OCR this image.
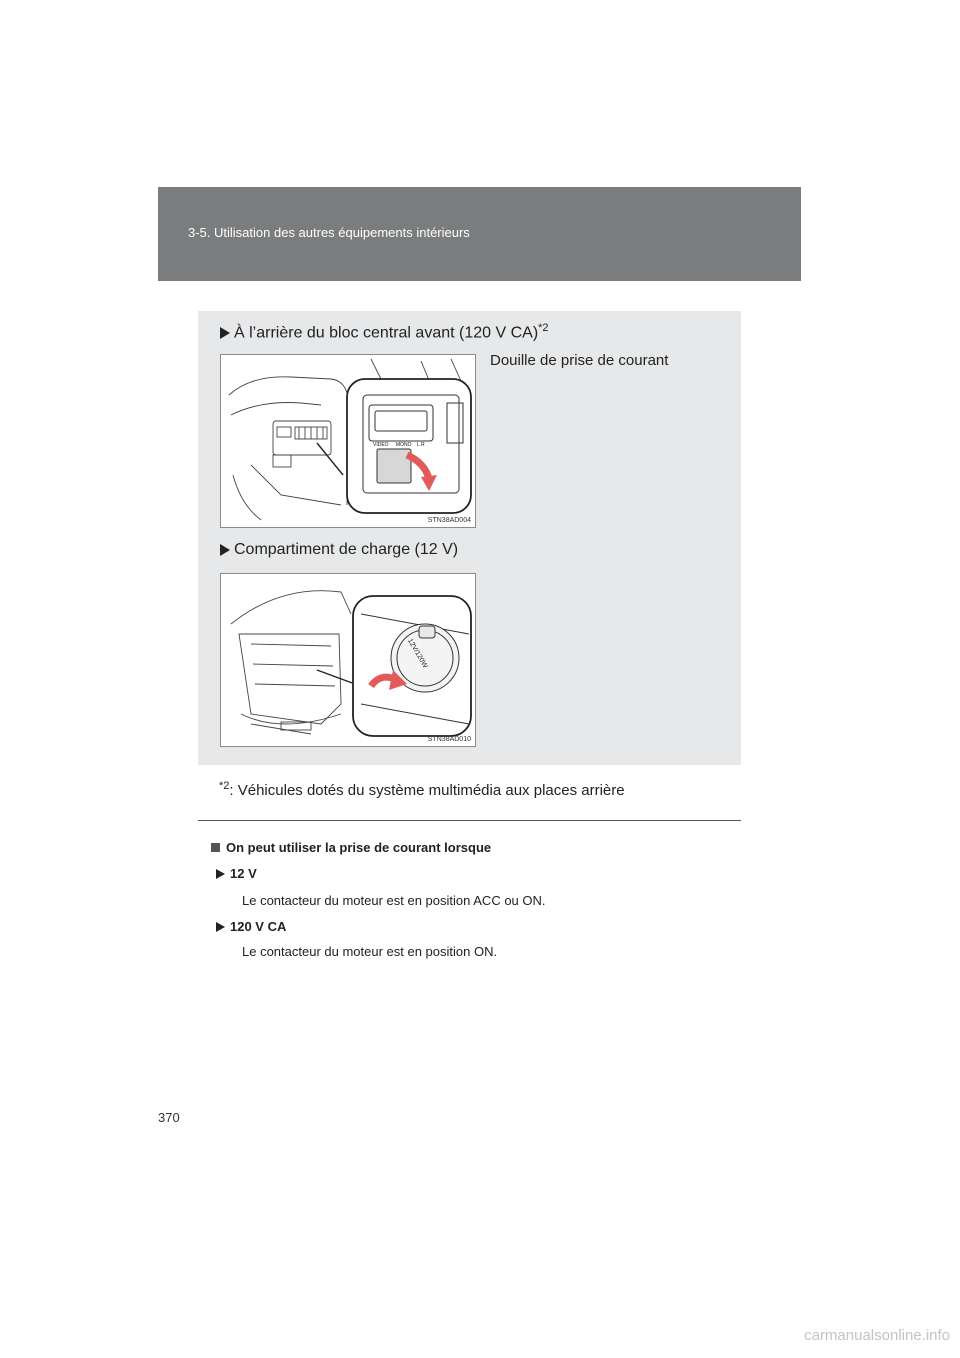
3-5. Utilisation des autres équipements intérieurs
À l’arrière du bloc central avant (120 V CA)$^{*2}$
Douille de prise de courant
VIDEO MONO L R
STN38AD004
Compartiment de charge (12 V)
12V/120W
STN38AD010
$^{*2}$: Véhicules dotés du système multimédia aux places arrière
On peut utiliser la prise de courant lorsque
12 V
Le contacteur du moteur est en position ACC ou ON.
120 V CA
Le contacteur du moteur est en position ON.
370
carmanualsonline.info
